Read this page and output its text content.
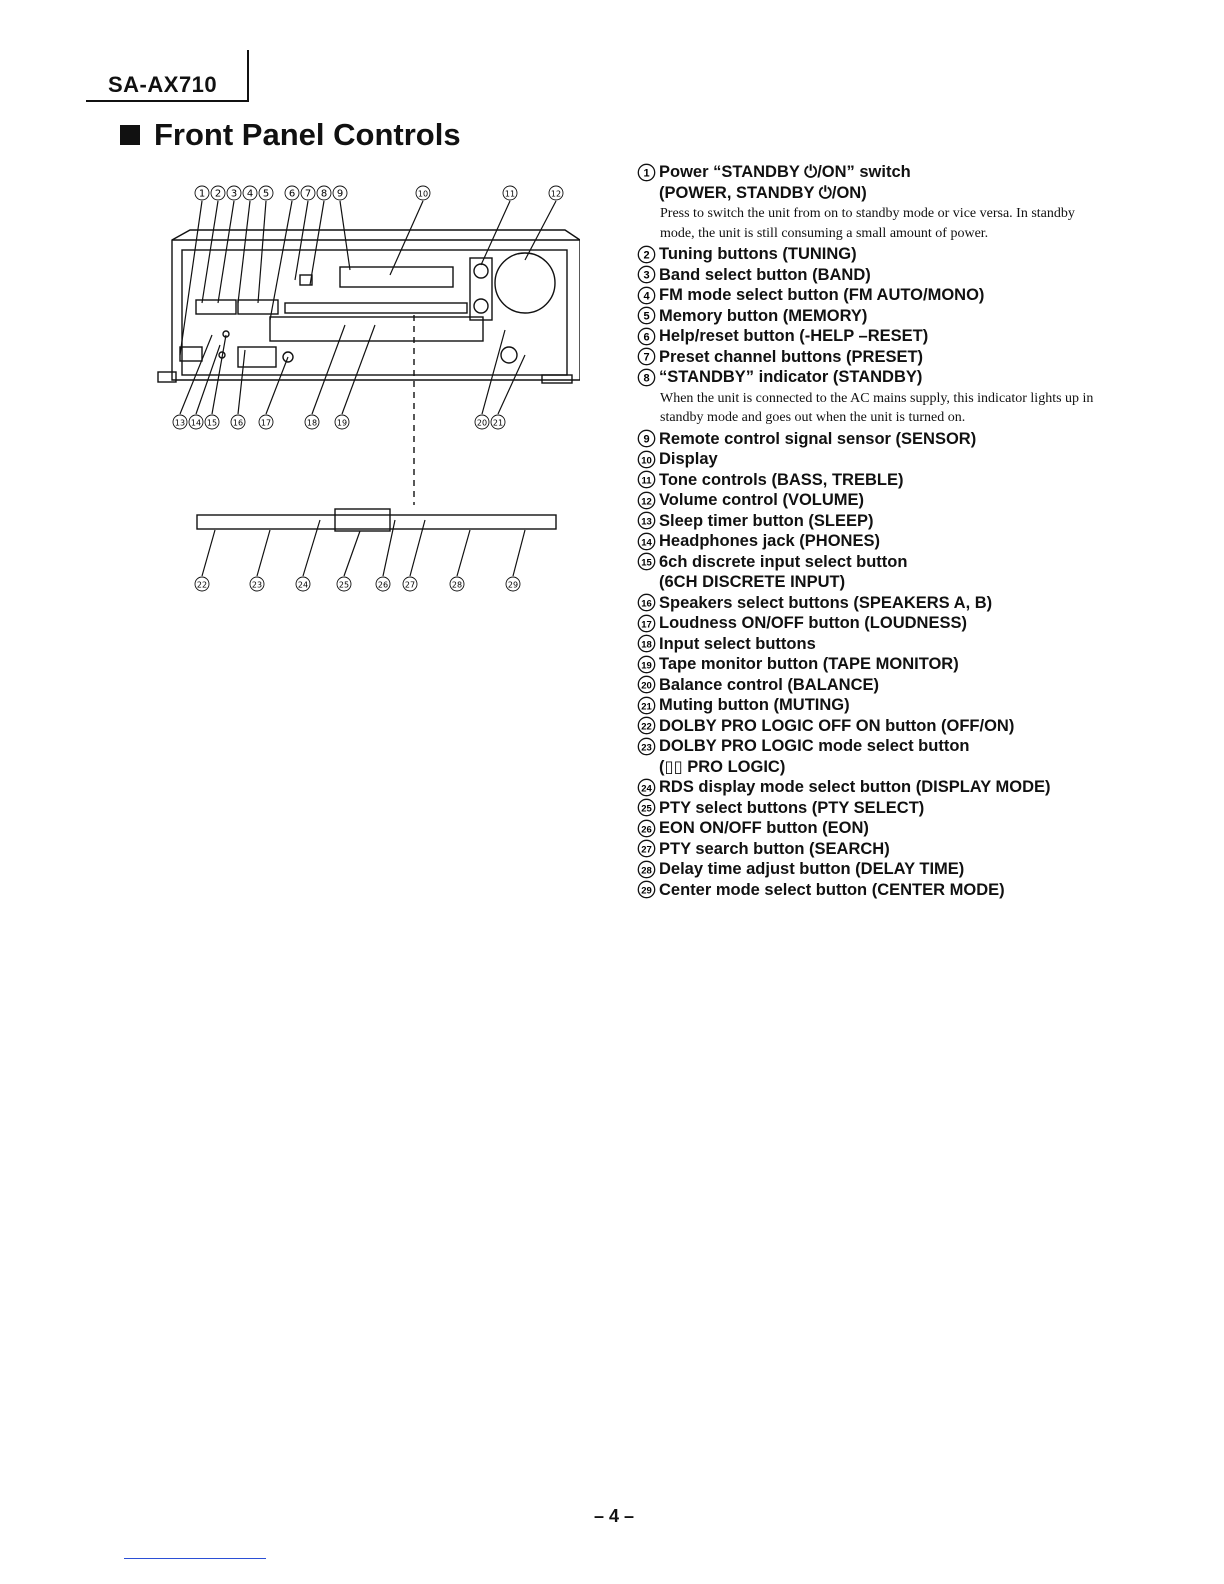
SA-AX710
Front Panel Controls
1 2 3 4 5 6 7 8 9	10	11	12
13 14 15 16 17	18 19	20 21
22	23	24	25	26 27	28	29
1 Power “STANDBY ⏻/ON” switch
(POWER, STANDBY ⏻/ON)
Press to switch the unit from on to standby mode or vice versa. In standby mode, the unit is still consuming a small amount of power.
2 Tuning buttons (TUNING)
3 Band select button (BAND)
4 FM mode select button (FM AUTO/MONO)
5 Memory button (MEMORY)
6 Help/reset button (-HELP –RESET)
7 Preset channel buttons (PRESET)
8 “STANDBY” indicator (STANDBY)
When the unit is connected to the AC mains supply, this indicator lights up in standby mode and goes out when the unit is turned on.
9 Remote control signal sensor (SENSOR)
10 Display
11 Tone controls (BASS, TREBLE)
12 Volume control (VOLUME)
13 Sleep timer button (SLEEP)
14 Headphones jack (PHONES)
15 6ch discrete input select button
(6CH DISCRETE INPUT)
16 Speakers select buttons (SPEAKERS A, B)
17 Loudness ON/OFF button (LOUDNESS)
18 Input select buttons
19 Tape monitor button (TAPE MONITOR)
20 Balance control (BALANCE)
21 Muting button (MUTING)
22 DOLBY PRO LOGIC OFF ON button (OFF/ON)
23 DOLBY PRO LOGIC mode select button
(▯▯ PRO LOGIC)
24 RDS display mode select button (DISPLAY MODE)
25 PTY select buttons (PTY SELECT)
26 EON ON/OFF button (EON)
27 PTY search button (SEARCH)
28 Delay time adjust button (DELAY TIME)
29 Center mode select button (CENTER MODE)
– 4 –
